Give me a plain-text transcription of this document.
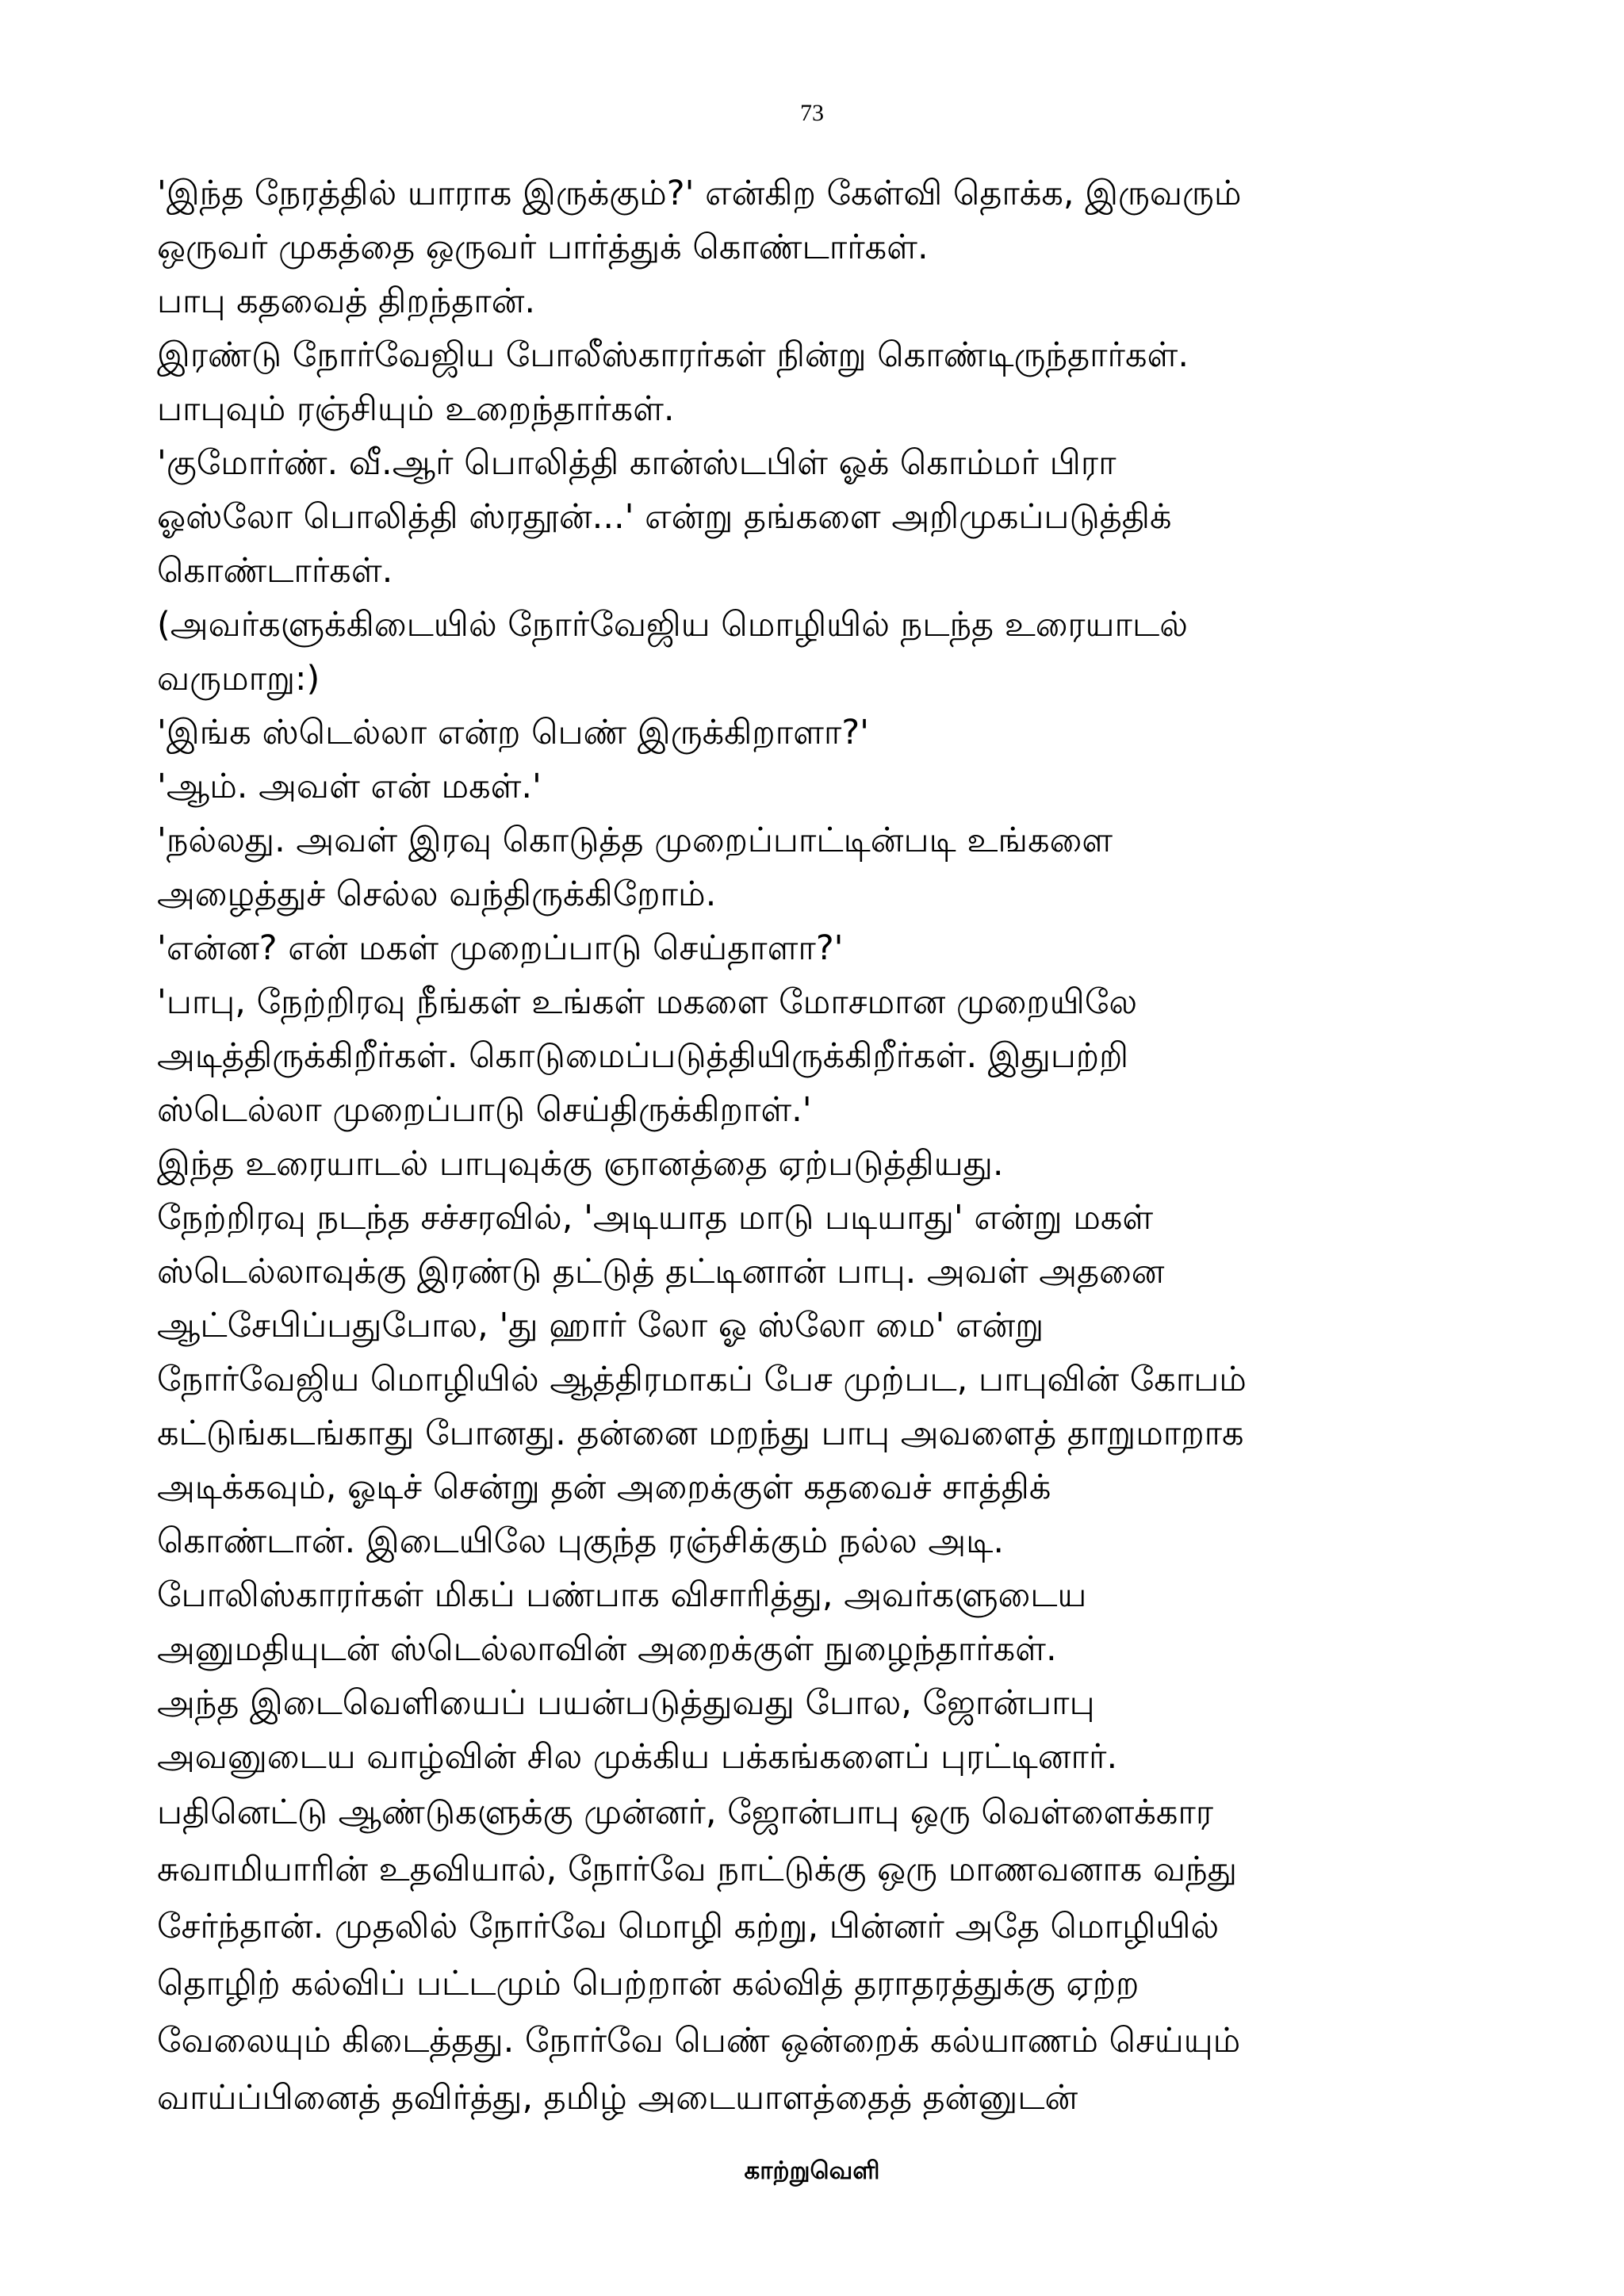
73
'இந்த நேரத்தில் யாராக இருக்கும்?' என்கிற கேள்வி தொக்க, இருவரும்
ஒருவர் முகத்தை ஒருவர் பார்த்துக் கொண்டார்கள்.
பாபு கதவைத் திறந்தான்.
இரண்டு நோர்வேஜிய போலீஸ்காரர்கள் நின்று கொண்டிருந்தார்கள்.
பாபுவும் ரஞ்சியும் உறைந்தார்கள்.
'குமோர்ண். வீ.ஆர் பொலித்தி கான்ஸ்டபிள் ஓக் கொம்மர் பிரா
ஓஸ்லோ பொலித்தி ஸ்ரதூன்...' என்று தங்களை அறிமுகப்படுத்திக்
கொண்டார்கள்.
(அவர்களுக்கிடையில் நோர்வேஜிய மொழியில் நடந்த உரையாடல்
வருமாறு:)
'இங்க ஸ்டெல்லா என்ற பெண் இருக்கிறாளா?'
'ஆம். அவள் என் மகள்.'
'நல்லது. அவள் இரவு கொடுத்த முறைப்பாட்டின்படி உங்களை
அழைத்துச் செல்ல வந்திருக்கிறோம்.
'என்ன? என் மகள் முறைப்பாடு செய்தாளா?'
'பாபு, நேற்றிரவு நீங்கள் உங்கள் மகளை மோசமான முறையிலே
அடித்திருக்கிறீர்கள். கொடுமைப்படுத்தியிருக்கிறீர்கள். இதுபற்றி
ஸ்டெல்லா முறைப்பாடு செய்திருக்கிறாள்.'
இந்த உரையாடல் பாபுவுக்கு ஞானத்தை ஏற்படுத்தியது.
நேற்றிரவு நடந்த சச்சரவில், 'அடியாத மாடு படியாது' என்று மகள்
ஸ்டெல்லாவுக்கு இரண்டு தட்டுத் தட்டினான் பாபு. அவள் அதனை
ஆட்சேபிப்பதுபோல, 'து ஹார் லோ ஓ ஸ்லோ மை' என்று
நோர்வேஜிய மொழியில் ஆத்திரமாகப் பேச முற்பட, பாபுவின் கோபம்
கட்டுங்கடங்காது போனது. தன்னை மறந்து பாபு அவளைத் தாறுமாறாக
அடிக்கவும், ஓடிச் சென்று தன் அறைக்குள் கதவைச் சாத்திக்
கொண்டான். இடையிலே புகுந்த ரஞ்சிக்கும் நல்ல அடி.
போலிஸ்காரர்கள் மிகப் பண்பாக விசாரித்து, அவர்களுடைய
அனுமதியுடன் ஸ்டெல்லாவின் அறைக்குள் நுழைந்தார்கள்.
அந்த இடைவெளியைப் பயன்படுத்துவது போல, ஜோன்பாபு
அவனுடைய வாழ்வின் சில முக்கிய பக்கங்களைப் புரட்டினார்.
பதினெட்டு ஆண்டுகளுக்கு முன்னர், ஜோன்பாபு ஒரு வெள்ளைக்கார
சுவாமியாரின் உதவியால், நோர்வே நாட்டுக்கு ஒரு மாணவனாக வந்து
சேர்ந்தான். முதலில் நோர்வே மொழி கற்று, பின்னர் அதே மொழியில்
தொழிற் கல்விப் பட்டமும் பெற்றான் கல்வித் தராதரத்துக்கு ஏற்ற
வேலையும் கிடைத்தது. நோர்வே பெண் ஒன்றைக் கல்யாணம் செய்யும்
வாய்ப்பினைத் தவிர்த்து, தமிழ் அடையாளத்தைத் தன்னுடன்
காற்றுவெளி
